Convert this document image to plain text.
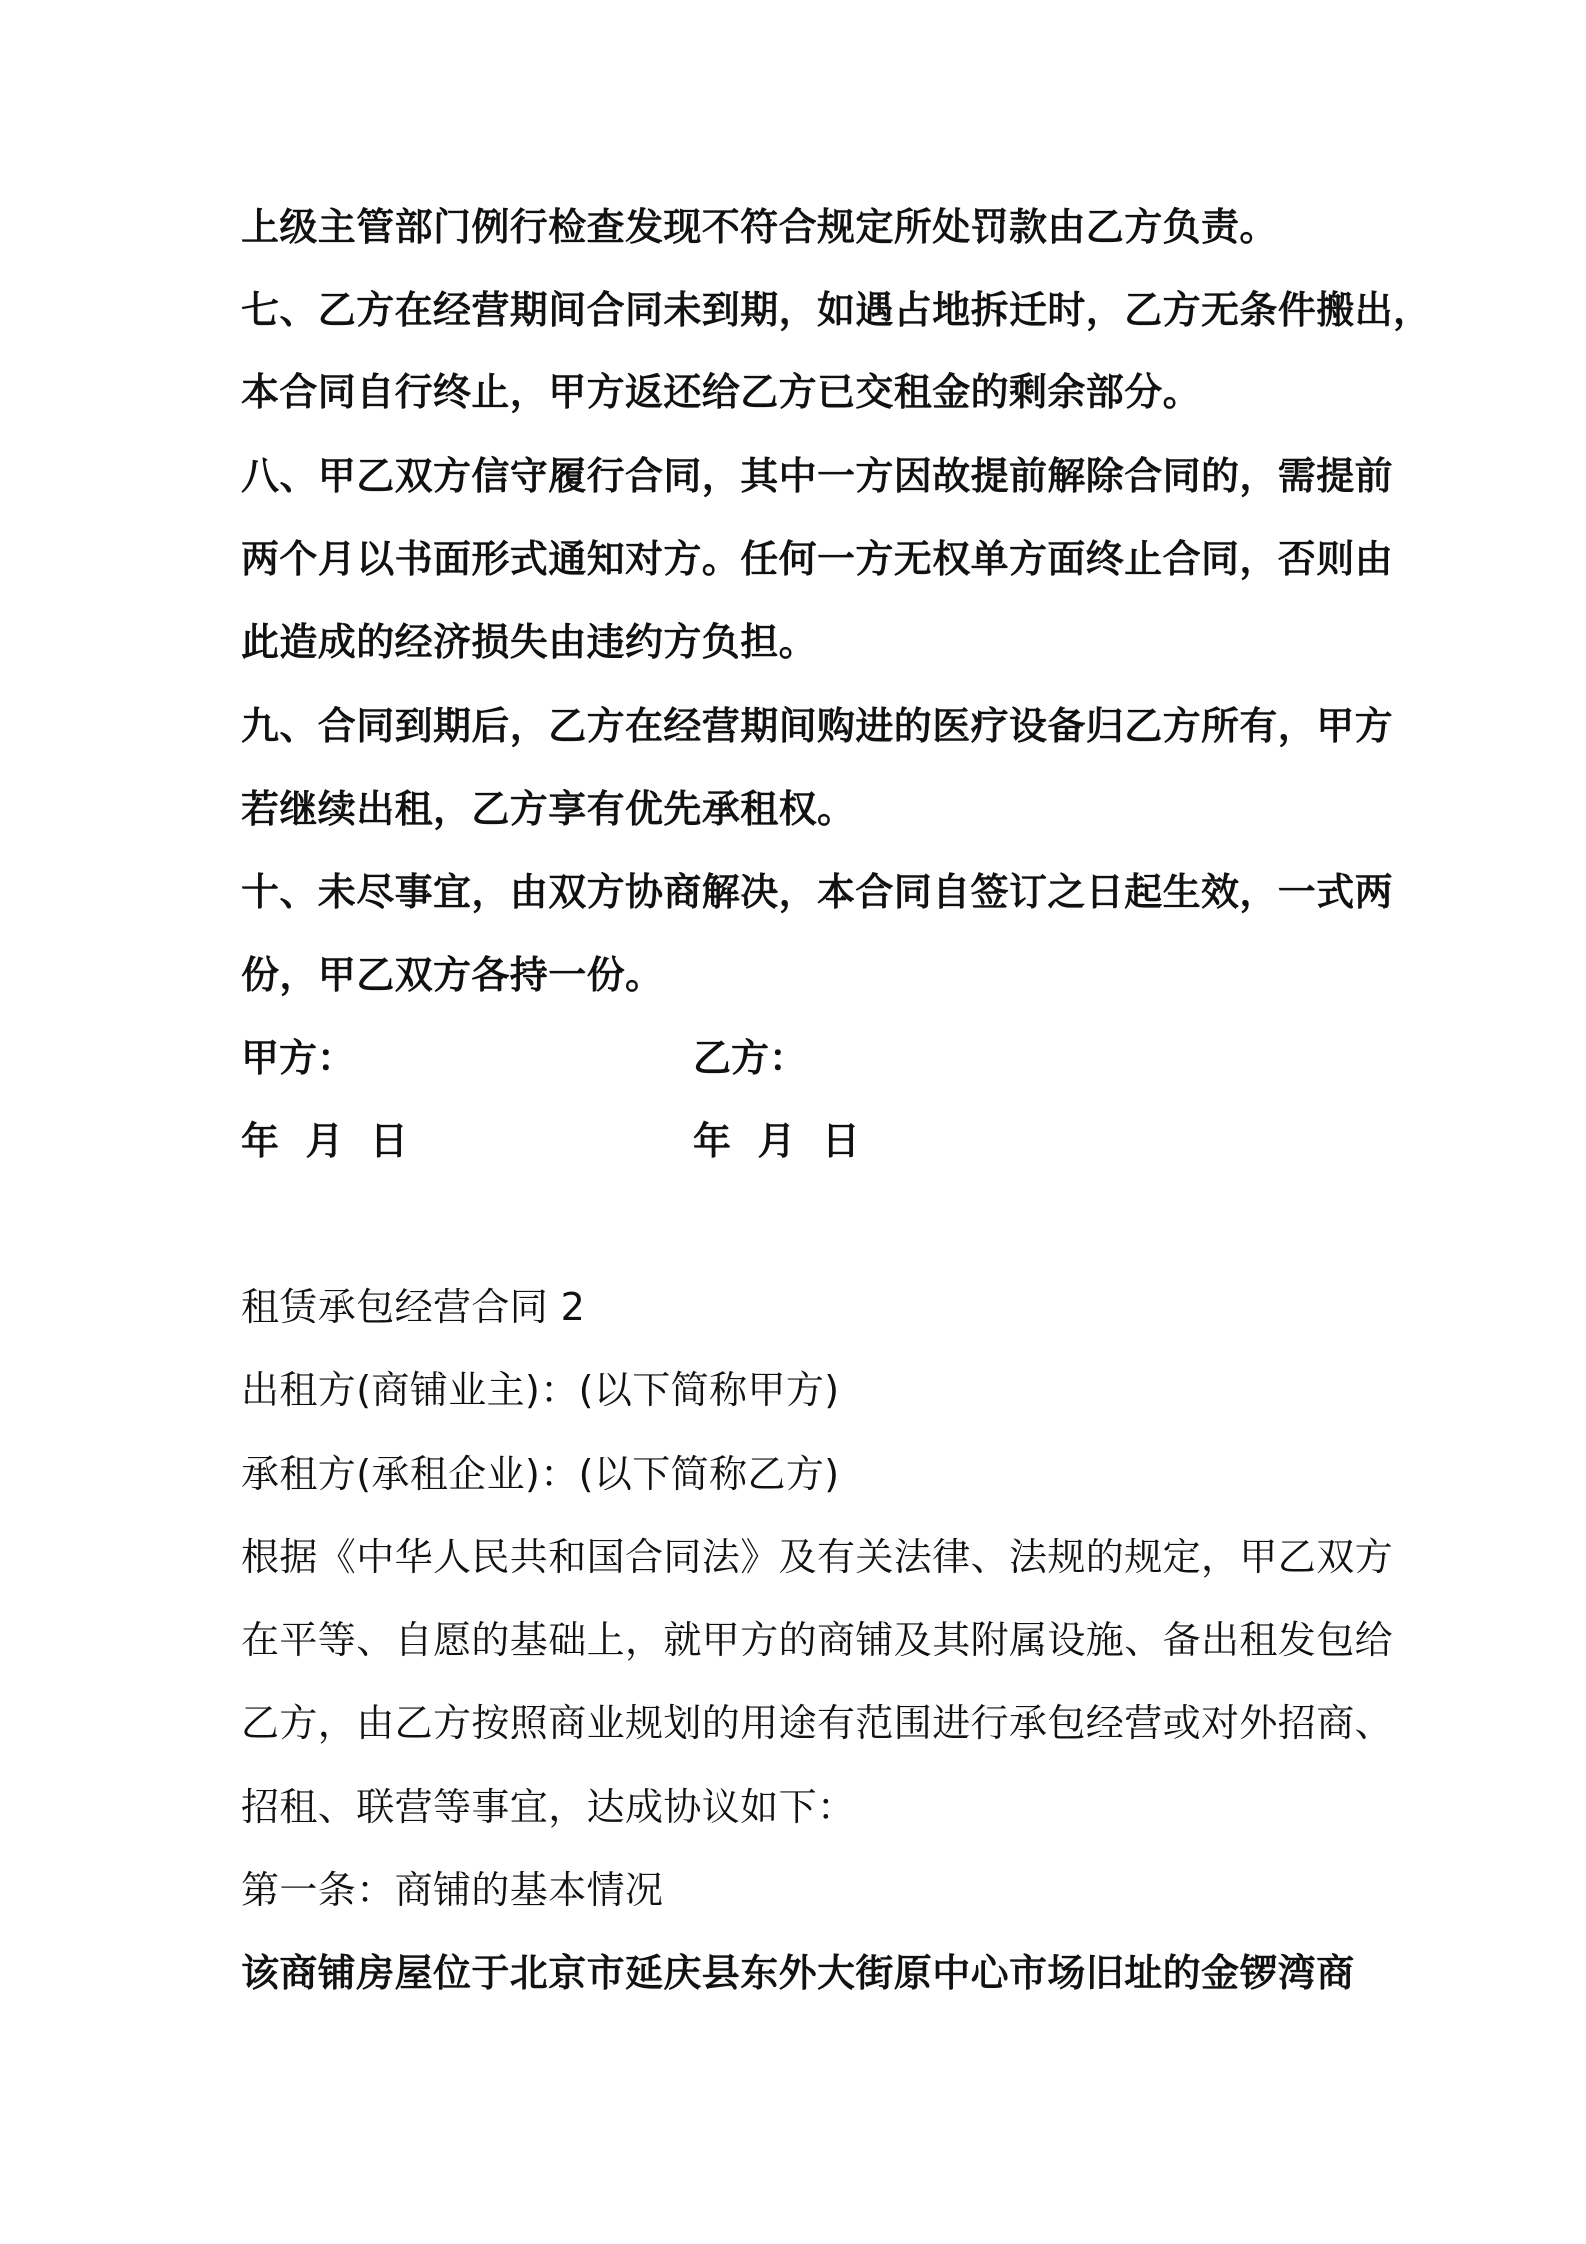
上级主管部门例行检查发现不符合规定所处罚款由乙方负责。
七、乙方在经营期间合同未到期，如遇占地拆迁时，乙方无条件搬出，
本合同自行终止，甲方返还给乙方已交租金的剩余部分。
八、甲乙双方信守履行合同，其中一方因故提前解除合同的，需提前
两个月以书面形式通知对方。任何一方无权单方面终止合同，否则由
此造成的经济损失由违约方负担。
九、合同到期后，乙方在经营期间购进的医疗设备归乙方所有，甲方
若继续出租，乙方享有优先承租权。
十、未尽事宜，由双方协商解决，本合同自签订之日起生效，一式两
份，甲乙双方各持一份。
甲方：	乙方：
年  月  日	年  月  日
租赁承包经营合同 2
出租方(商铺业主)：(以下简称甲方)
承租方(承租企业)：(以下简称乙方)
根据《中华人民共和国合同法》及有关法律、法规的规定，甲乙双方
在平等、自愿的基础上，就甲方的商铺及其附属设施、备出租发包给
乙方，由乙方按照商业规划的用途有范围进行承包经营或对外招商、
招租、联营等事宜，达成协议如下：
第一条：商铺的基本情况
该商铺房屋位于北京市延庆县东外大街原中心市场旧址的金锣湾商
